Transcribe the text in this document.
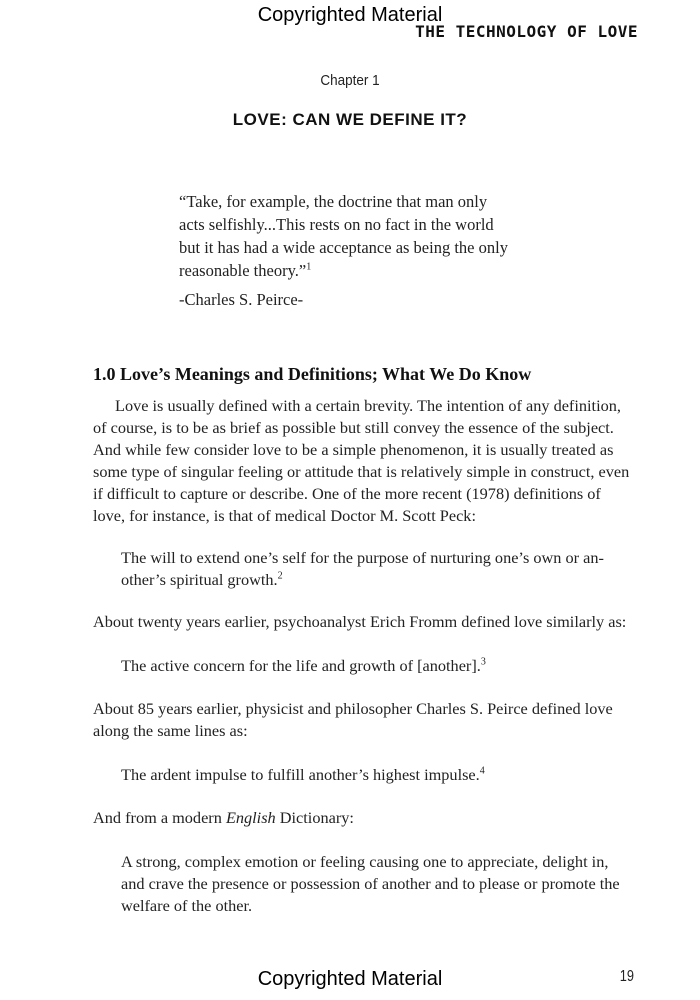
Copyrighted Material
THE TECHNOLOGY OF LOVE
Chapter 1
LOVE: CAN WE DEFINE IT?

“Take, for example, the doctrine that man only

acts selfishly...This rests on no fact in the world

but it has had a wide acceptance as being the only

reasonable theory.”$^1$

-Charles S. Peirce-
1.0 Love’s Meanings and Definitions; What We Do Know

Love is usually defined with a certain brevity. The intention of any definition,

of course, is to be as brief as possible but still convey the essence of the subject.

And while few consider love to be a simple phenomenon, it is usually treated as

some type of singular feeling or attitude that is relatively simple in construct, even

if difficult to capture or describe. One of the more recent (1978) definitions of

love, for instance, is that of medical Doctor M. Scott Peck:

The will to extend one’s self for the purpose of nurturing one’s own or an-

other’s spiritual growth.$^2$

About twenty years earlier, psychoanalyst Erich Fromm defined love similarly as:

The active concern for the life and growth of [another].$^3$

About 85 years earlier, physicist and philosopher Charles S. Peirce defined love

along the same lines as:

The ardent impulse to fulfill another’s highest impulse.$^4$

And from a modern English Dictionary:

A strong, complex emotion or feeling causing one to appreciate, delight in,

and crave the presence or possession of another and to please or promote the

welfare of the other.

Copyrighted Material	19
